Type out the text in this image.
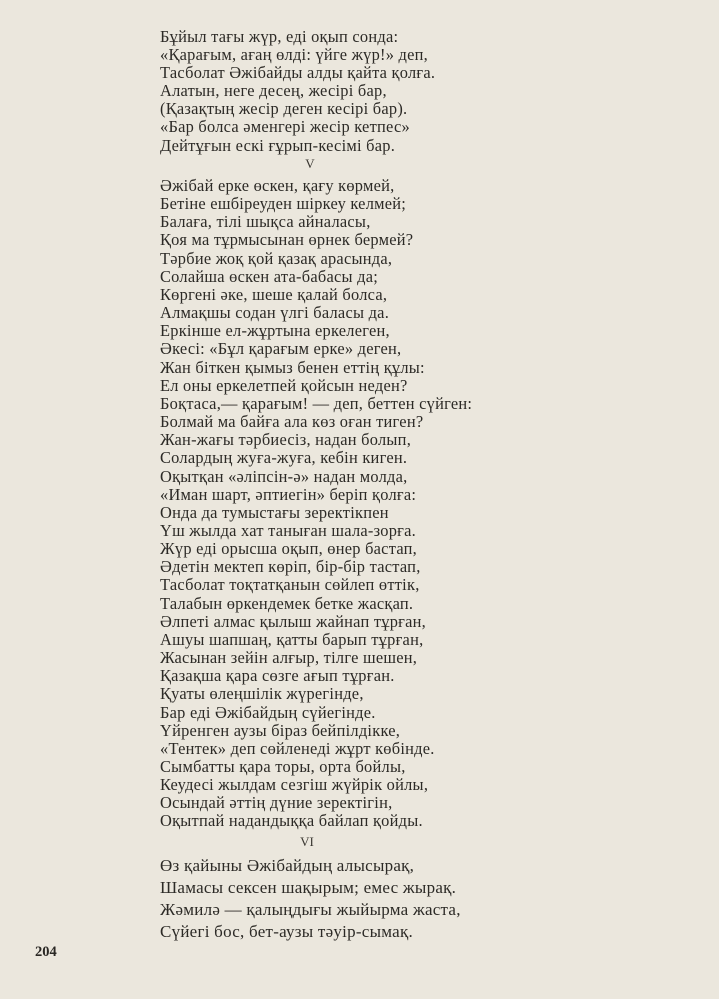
Бұйыл тағы жүр, еді оқып сонда:
«Қарағым, ағаң өлді: үйге жүр!» деп,
Тасболат Әжібайды алды қайта қолға.
Алатын, неге десең, жесірі бар,
(Қазақтың жесір деген кесірі бар).
«Бар болса әменгері жесір кетпес»
Дейтұғын ескі ғұрып-кесімі бар.
V
Әжібай ерке өскен, қағу көрмей,
Бетіне ешбіреуден шіркеу келмей;
Балаға, тілі шықса айналасы,
Қоя ма тұрмысынан өрнек бермей?
Тәрбие жоқ қой қазақ арасында,
Солайша өскен ата-бабасы да;
Көргені әке, шеше қалай болса,
Алмақшы содан үлгі баласы да.
Еркінше ел-жұртына еркелеген,
Әкесі: «Бұл қарағым ерке» деген,
Жан біткен қымыз бенен еттің құлы:
Ел оны еркелетпей қойсын неден?
Боқтаса,— қарағым! — деп, беттен сүйген:
Болмай ма байға ала көз оған тиген?
Жан-жағы тәрбиесіз, надан болып,
Солардың жуға-жуға, кебін киген.
Оқытқан «әліпсін-ә» надан молда,
«Иман шарт, әптиегін» беріп қолға:
Онда да тумыстағы зеректікпен
Үш жылда хат таныған шала-зорға.
Жүр еді орысша оқып, өнер бастап,
Әдетін мектеп көріп, бір-бір тастап,
Тасболат тоқтатқанын сөйлеп өттік,
Талабын өркендемек бетке жасқап.
Әлпеті алмас қылыш жайнап тұрған,
Ашуы шапшаң, қатты барып тұрған,
Жасынан зейін алғыр, тілге шешен,
Қазақша қара сөзге ағып тұрған.
Қуаты өлеңшілік жүрегінде,
Бар еді Әжібайдың сүйегінде.
Үйренген аузы біраз бейпілдікке,
«Тентек» деп сөйленеді жұрт көбінде.
Сымбатты қара торы, орта бойлы,
Кеудесі жылдам сезгіш жүйрік ойлы,
Осындай әттің дүние зеректігін,
Оқытпай надандыққа байлап қойды.
VI
Өз қайыны Әжібайдың алысырақ,
Шамасы сексен шақырым; емес жырақ.
Жәмилә — қалыңдығы жыйырма жаста,
Сүйегі бос, бет-аузы тәуір-сымақ.
204
